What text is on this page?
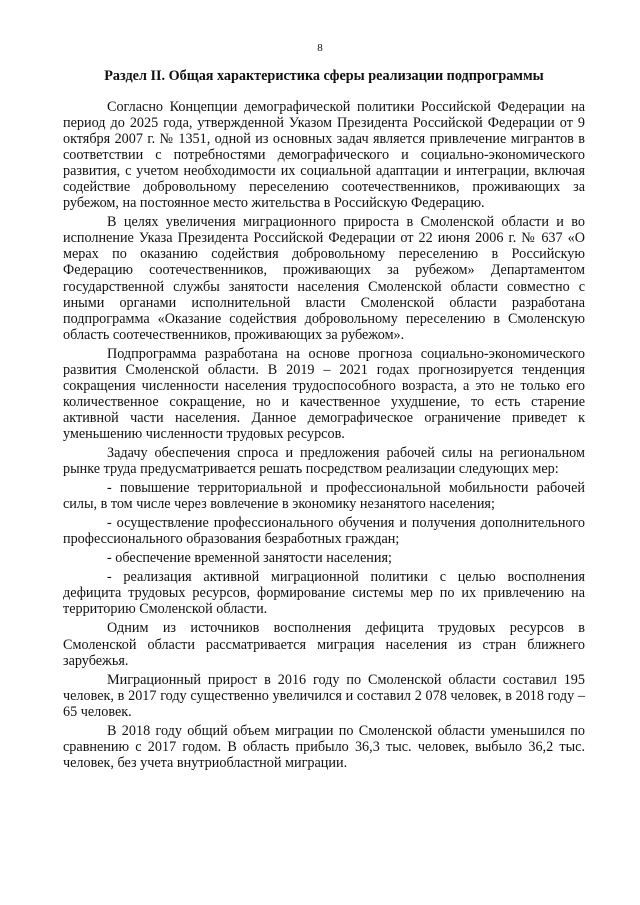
8
Раздел II. Общая характеристика сферы реализации подпрограммы

Согласно Концепции демографической политики Российской Федерации на период до 2025 года, утвержденной Указом Президента Российской Федерации от 9 октября 2007 г. № 1351, одной из основных задач является привлечение мигрантов в соответствии с потребностями демографического и социально-экономического развития, с учетом необходимости их социальной адаптации и интеграции, включая содействие добровольному переселению соотечественников, проживающих за рубежом, на постоянное место жительства в Российскую Федерацию.

В целях увеличения миграционного прироста в Смоленской области и во исполнение Указа Президента Российской Федерации от 22 июня 2006 г. № 637 «О мерах по оказанию содействия добровольному переселению в Российскую Федерацию соотечественников, проживающих за рубежом» Департаментом государственной службы занятости населения Смоленской области совместно с иными органами исполнительной власти Смоленской области разработана подпрограмма «Оказание содействия добровольному переселению в Смоленскую область соотечественников, проживающих за рубежом».

Подпрограмма разработана на основе прогноза социально-экономического развития Смоленской области. В 2019 – 2021 годах прогнозируется тенденция сокращения численности населения трудоспособного возраста, а это не только его количественное сокращение, но и качественное ухудшение, то есть старение активной части населения. Данное демографическое ограничение приведет к уменьшению численности трудовых ресурсов.

Задачу обеспечения спроса и предложения рабочей силы на региональном рынке труда предусматривается решать посредством реализации следующих мер:

- повышение территориальной и профессиональной мобильности рабочей силы, в том числе через вовлечение в экономику незанятого населения;

- осуществление профессионального обучения и получения дополнительного профессионального образования безработных граждан;

- обеспечение временной занятости населения;

- реализация активной миграционной политики с целью восполнения дефицита трудовых ресурсов, формирование системы мер по их привлечению на территорию Смоленской области.

Одним из источников восполнения дефицита трудовых ресурсов в Смоленской области рассматривается миграция населения из стран ближнего зарубежья.

Миграционный прирост в 2016 году по Смоленской области составил 195 человек, в 2017 году существенно увеличился и составил 2 078 человек, в 2018 году – 65 человек.

В 2018 году общий объем миграции по Смоленской области уменьшился по сравнению с 2017 годом. В область прибыло 36,3 тыс. человек, выбыло 36,2 тыс. человек, без учета внутриобластной миграции.
